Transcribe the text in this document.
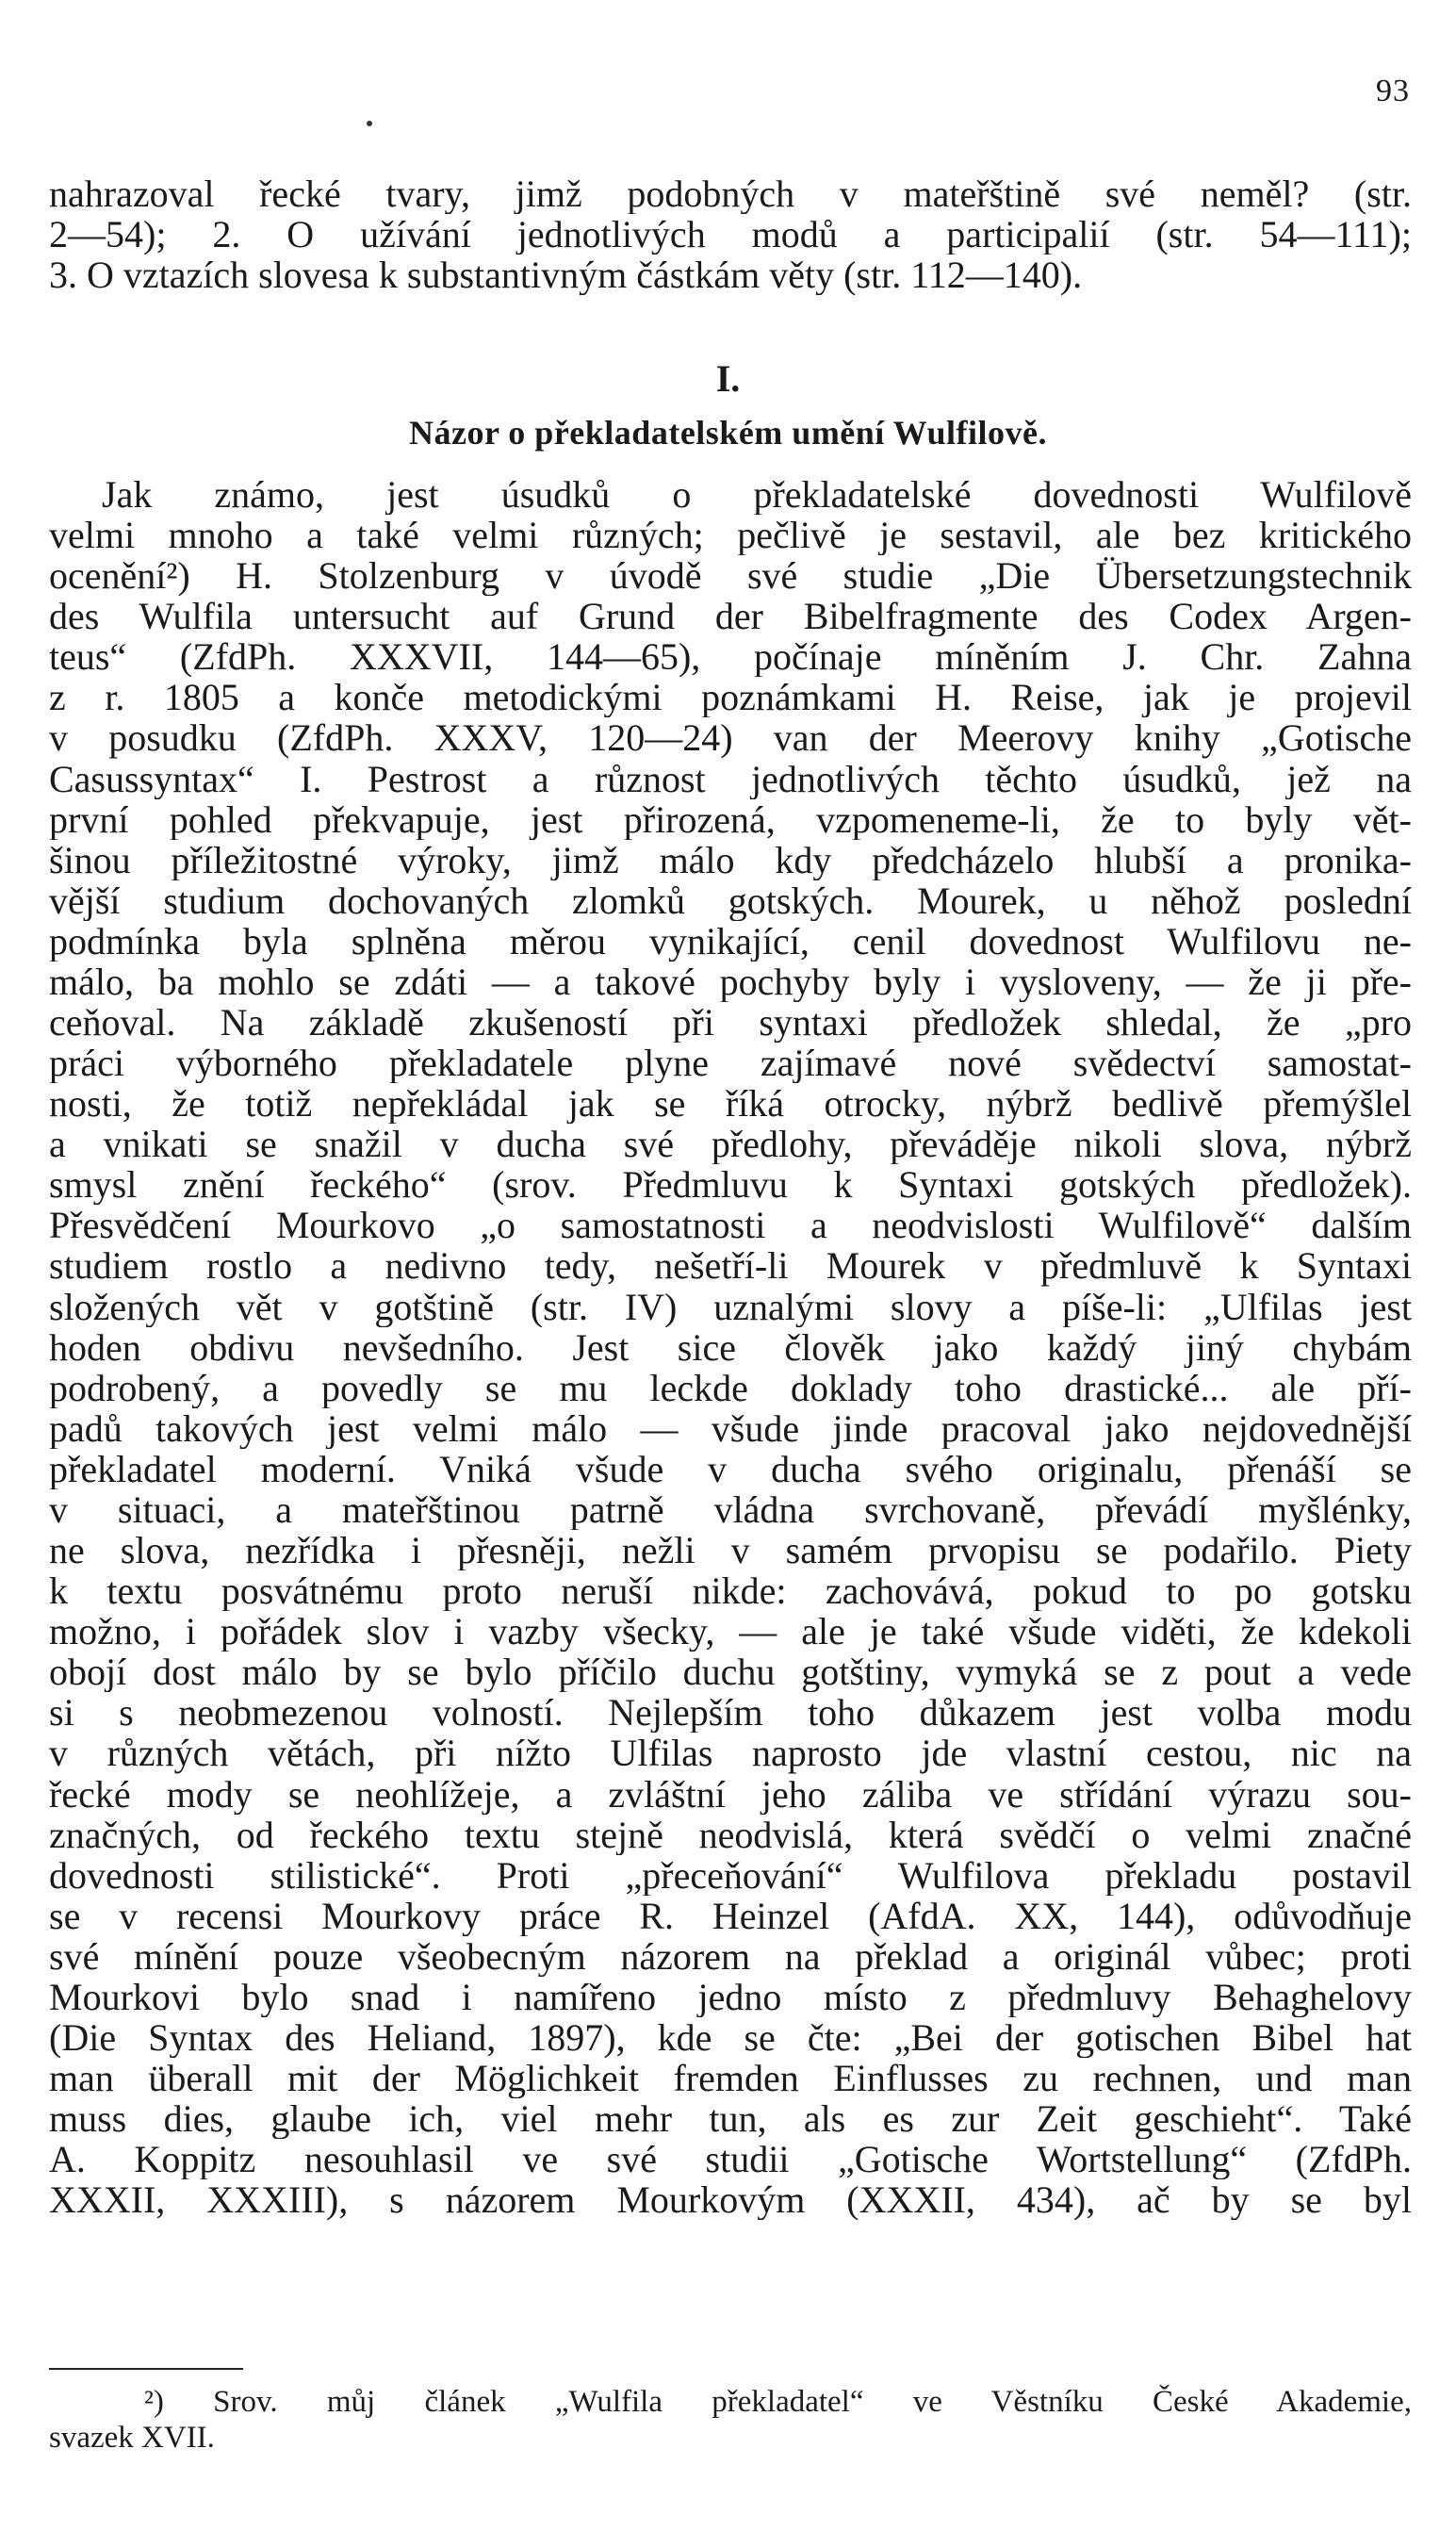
93
nahrazoval řecké tvary, jimž podobných v mateřštině své neměl? (str.
2—54); 2. O užívání jednotlivých modů a participalií (str. 54—111);
3. O vztazích slovesa k substantivným částkám věty (str. 112—140).
I.
Názor o překladatelském umění Wulfilově.
Jak známo, jest úsudků o překladatelské dovednosti Wulfilově
velmi mnoho a také velmi různých; pečlivě je sestavil, ale bez kritického
ocenění²) H. Stolzenburg v úvodě své studie „Die Übersetzungstechnik
des Wulfila untersucht auf Grund der Bibelfragmente des Codex Argen-
teus“ (ZfdPh. XXXVII, 144—65), počínaje míněním J. Chr. Zahna
z r. 1805 a konče metodickými poznámkami H. Reise, jak je projevil
v posudku (ZfdPh. XXXV, 120—24) van der Meerovy knihy „Gotische
Casussyntax“ I. Pestrost a různost jednotlivých těchto úsudků, jež na
první pohled překvapuje, jest přirozená, vzpomeneme-li, že to byly vět-
šinou příležitostné výroky, jimž málo kdy předcházelo hlubší a pronika-
vější studium dochovaných zlomků gotských. Mourek, u něhož poslední
podmínka byla splněna měrou vynikající, cenil dovednost Wulfilovu ne-
málo, ba mohlo se zdáti — a takové pochyby byly i vysloveny, — že ji pře-
ceňoval. Na základě zkušeností při syntaxi předložek shledal, že „pro
práci výborného překladatele plyne zajímavé nové svědectví samostat-
nosti, že totiž nepřekládal jak se říká otrocky, nýbrž bedlivě přemýšlel
a vnikati se snažil v ducha své předlohy, převáděje nikoli slova, nýbrž
smysl znění řeckého“ (srov. Předmluvu k Syntaxi gotských předložek).
Přesvědčení Mourkovo „o samostatnosti a neodvislosti Wulfilově“ dalším
studiem rostlo a nedivno tedy, nešetří-li Mourek v předmluvě k Syntaxi
složených vět v gotštině (str. IV) uznalými slovy a píše-li: „Ulfilas jest
hoden obdivu nevšedního. Jest sice člověk jako každý jiný chybám
podrobený, a povedly se mu leckde doklady toho drastické... ale pří-
padů takových jest velmi málo — všude jinde pracoval jako nejdovednější
překladatel moderní. Vniká všude v ducha svého originalu, přenáší se
v situaci, a mateřštinou patrně vládna svrchovaně, převádí myšlénky,
ne slova, nezřídka i přesněji, nežli v samém prvopisu se podařilo. Piety
k textu posvátnému proto neruší nikde: zachovává, pokud to po gotsku
možno, i pořádek slov i vazby všecky, — ale je také všude viděti, že kdekoli
obojí dost málo by se bylo příčilo duchu gotštiny, vymyká se z pout a vede
si s neobmezenou volností. Nejlepším toho důkazem jest volba modu
v různých větách, při nížto Ulfilas naprosto jde vlastní cestou, nic na
řecké mody se neohlížeje, a zvláštní jeho záliba ve střídání výrazu sou-
značných, od řeckého textu stejně neodvislá, která svědčí o velmi značné
dovednosti stilistické“. Proti „přeceňování“ Wulfilova překladu postavil
se v recensi Mourkovy práce R. Heinzel (AfdA. XX, 144), odůvodňuje
své mínění pouze všeobecným názorem na překlad a originál vůbec; proti
Mourkovi bylo snad i namířeno jedno místo z předmluvy Behaghelovy
(Die Syntax des Heliand, 1897), kde se čte: „Bei der gotischen Bibel hat
man überall mit der Möglichkeit fremden Einflusses zu rechnen, und man
muss dies, glaube ich, viel mehr tun, als es zur Zeit geschieht“. Také
A. Koppitz nesouhlasil ve své studii „Gotische Wortstellung“ (ZfdPh.
XXXII, XXXIII), s názorem Mourkovým (XXXII, 434), ač by se byl
²) Srov. můj článek „Wulfila překladatel“ ve Věstníku České Akademie,
svazek XVII.
